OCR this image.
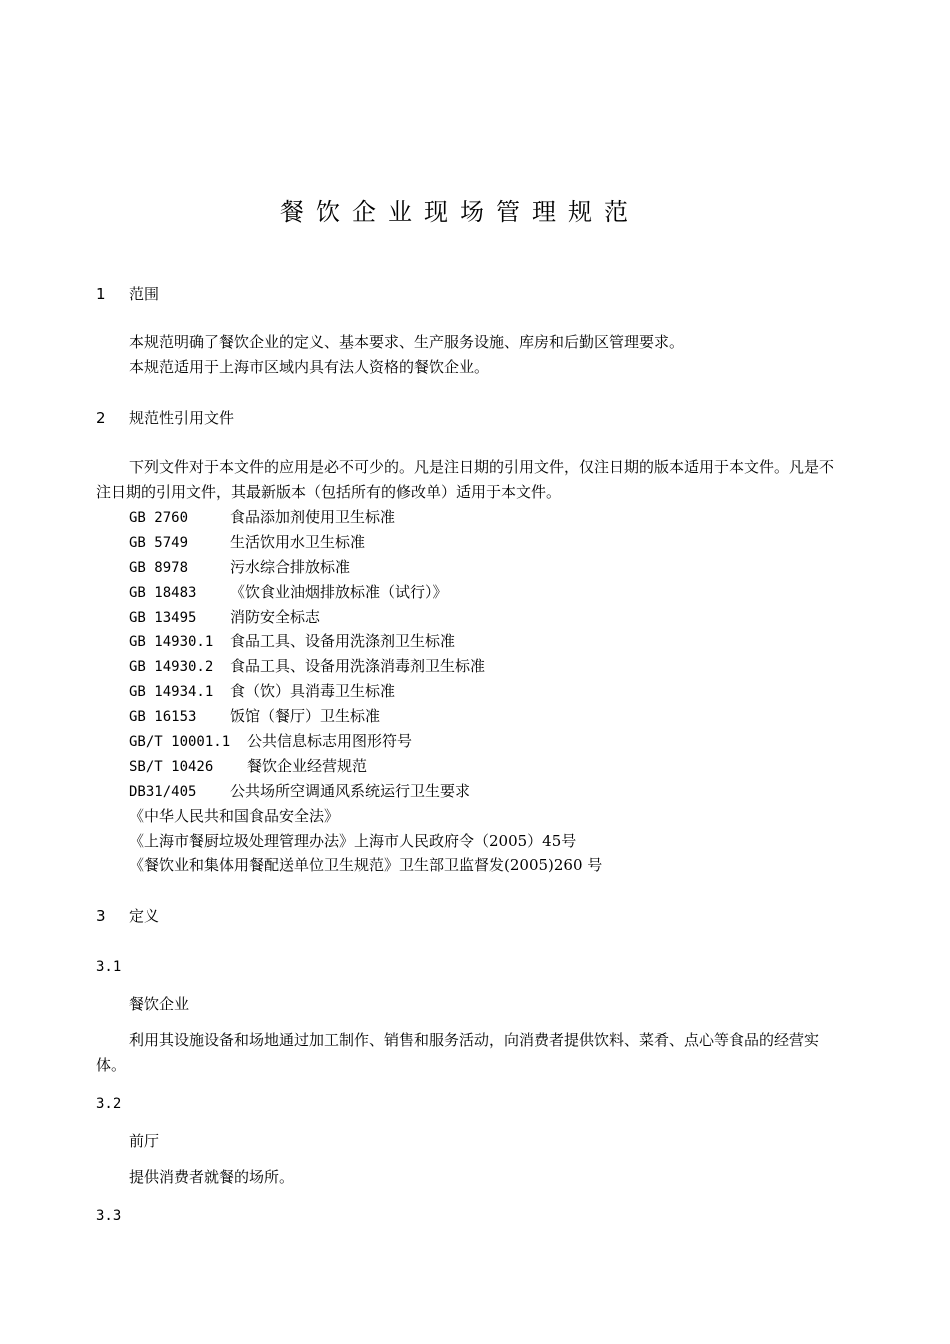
餐饮企业现场管理规范
1 范围
本规范明确了餐饮企业的定义、基本要求、生产服务设施、库房和后勤区管理要求。
本规范适用于上海市区域内具有法人资格的餐饮企业。
2 规范性引用文件
下列文件对于本文件的应用是必不可少的。凡是注日期的引用文件，仅注日期的版本适用于本文件。凡是不注日期的引用文件，其最新版本（包括所有的修改单）适用于本文件。
GB 2760	食品添加剂使用卫生标准
GB 5749	生活饮用水卫生标准
GB 8978	污水综合排放标准
GB 18483 《饮食业油烟排放标准（试行）》
GB 13495 消防安全标志
GB 14930.1 食品工具、设备用洗涤剂卫生标准
GB 14930.2 食品工具、设备用洗涤消毒剂卫生标准
GB 14934.1 食（饮）具消毒卫生标准
GB 16153 饭馆（餐厅）卫生标准
GB/T 10001.1 公共信息标志用图形符号
SB/T 10426 餐饮企业经营规范
DB31/405 公共场所空调通风系统运行卫生要求
《中华人民共和国食品安全法》
《上海市餐厨垃圾处理管理办法》上海市人民政府令（2005）45号
《餐饮业和集体用餐配送单位卫生规范》卫生部卫监督发(2005)260 号
3 定义
3.1
餐饮企业
利用其设施设备和场地通过加工制作、销售和服务活动，向消费者提供饮料、菜肴、点心等食品的经营实体。
3.2
前厅
提供消费者就餐的场所。
3.3
